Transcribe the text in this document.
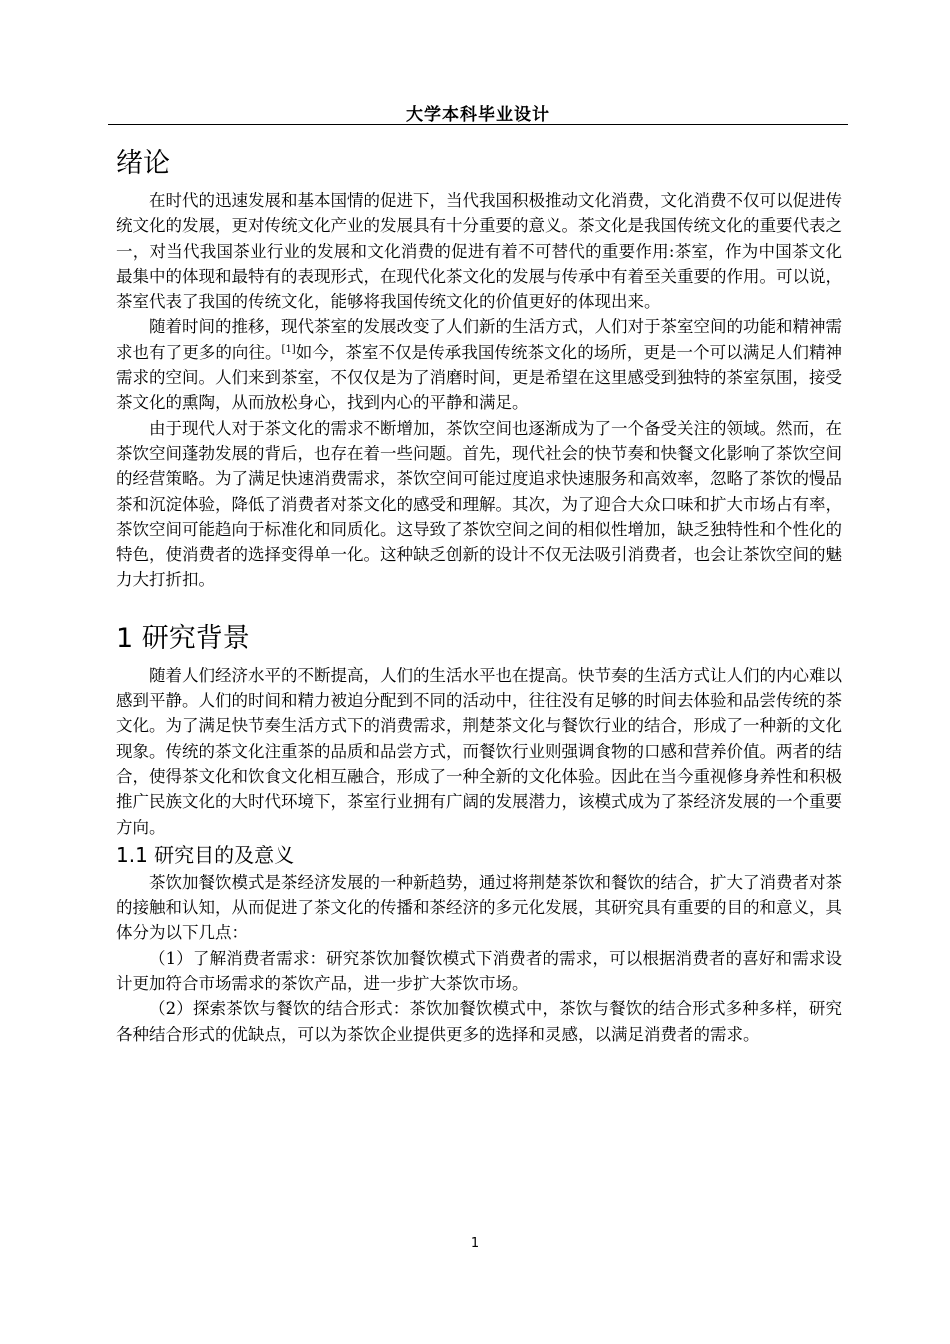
大学本科毕业设计
绪论

在时代的迅速发展和基本国情的促进下，当代我国积极推动文化消费，文化消费不仅可以促进传统文化的发展，更对传统文化产业的发展具有十分重要的意义。茶文化是我国传统文化的重要代表之一，对当代我国茶业行业的发展和文化消费的促进有着不可替代的重要作用:茶室，作为中国茶文化最集中的体现和最特有的表现形式，在现代化茶文化的发展与传承中有着至关重要的作用。可以说，茶室代表了我国的传统文化，能够将我国传统文化的价值更好的体现出来。

随着时间的推移，现代茶室的发展改变了人们新的生活方式，人们对于茶室空间的功能和精神需求也有了更多的向往。[1]如今，茶室不仅是传承我国传统茶文化的场所，更是一个可以满足人们精神需求的空间。人们来到茶室，不仅仅是为了消磨时间，更是希望在这里感受到独特的茶室氛围，接受茶文化的熏陶，从而放松身心，找到内心的平静和满足。

由于现代人对于茶文化的需求不断增加，茶饮空间也逐渐成为了一个备受关注的领域。然而，在茶饮空间蓬勃发展的背后，也存在着一些问题。首先，现代社会的快节奏和快餐文化影响了茶饮空间的经营策略。为了满足快速消费需求，茶饮空间可能过度追求快速服务和高效率，忽略了茶饮的慢品茶和沉淀体验，降低了消费者对茶文化的感受和理解。其次，为了迎合大众口味和扩大市场占有率，茶饮空间可能趋向于标准化和同质化。这导致了茶饮空间之间的相似性增加，缺乏独特性和个性化的特色，使消费者的选择变得单一化。这种缺乏创新的设计不仅无法吸引消费者，也会让茶饮空间的魅力大打折扣。

1 研究背景

随着人们经济水平的不断提高，人们的生活水平也在提高。快节奏的生活方式让人们的内心难以感到平静。人们的时间和精力被迫分配到不同的活动中，往往没有足够的时间去体验和品尝传统的茶文化。为了满足快节奏生活方式下的消费需求，荆楚茶文化与餐饮行业的结合，形成了一种新的文化现象。传统的茶文化注重茶的品质和品尝方式，而餐饮行业则强调食物的口感和营养价值。两者的结合，使得茶文化和饮食文化相互融合，形成了一种全新的文化体验。因此在当今重视修身养性和积极推广民族文化的大时代环境下，茶室行业拥有广阔的发展潜力，该模式成为了茶经济发展的一个重要方向。

1.1 研究目的及意义

茶饮加餐饮模式是茶经济发展的一种新趋势，通过将荆楚茶饮和餐饮的结合，扩大了消费者对茶的接触和认知，从而促进了茶文化的传播和茶经济的多元化发展，其研究具有重要的目的和意义，具体分为以下几点：

（1）了解消费者需求：研究茶饮加餐饮模式下消费者的需求，可以根据消费者的喜好和需求设计更加符合市场需求的茶饮产品，进一步扩大茶饮市场。

（2）探索茶饮与餐饮的结合形式：茶饮加餐饮模式中，茶饮与餐饮的结合形式多种多样，研究各种结合形式的优缺点，可以为茶饮企业提供更多的选择和灵感，以满足消费者的需求。

1
